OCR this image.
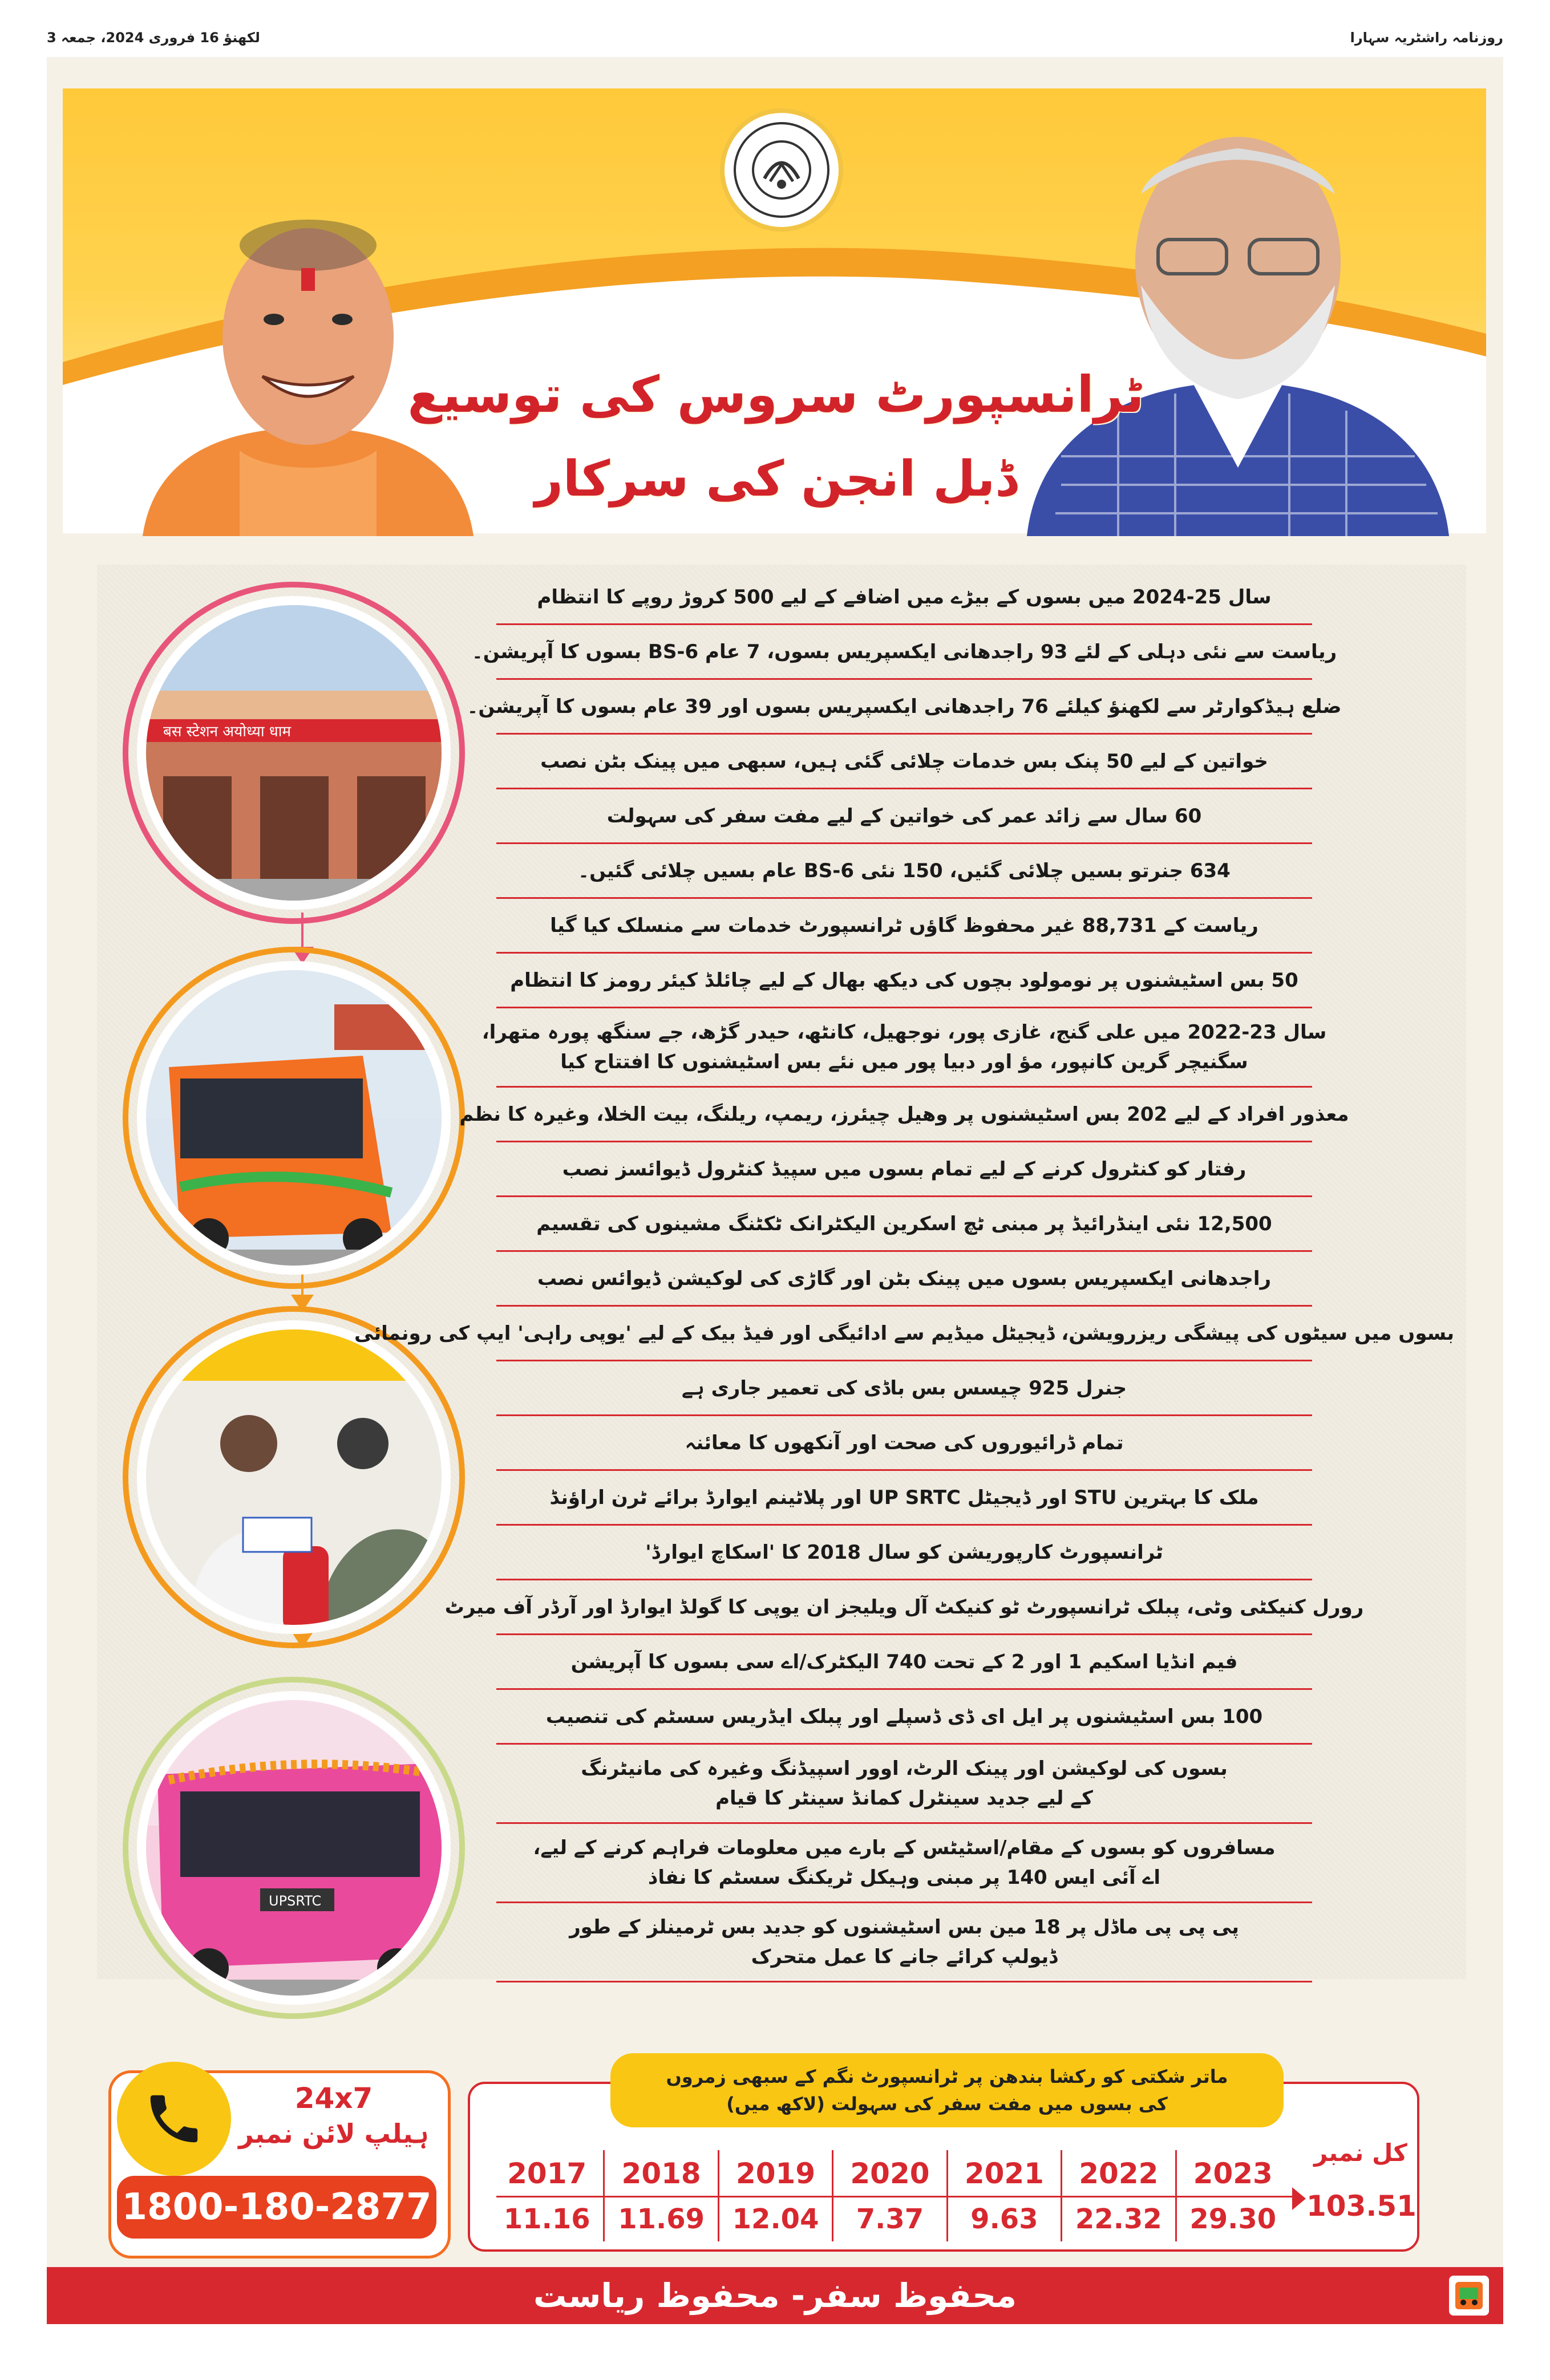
لکھنؤ 16 فروری 2024، جمعہ 3	روزنامہ راشٹریہ سہارا
ٹرانسپورٹ سروس کی توسیع
ڈبل انجن کی سرکار
बस स्टेशन अयोध्या धाम
UPSRTC
سال 25-2024 میں بسوں کے بیڑے میں اضافے کے لیے 500 کروڑ روپے کا انتظام
ریاست سے نئی دہلی کے لئے 93 راجدھانی ایکسپریس بسوں، 7 عام BS-6 بسوں کا آپریشن۔
ضلع ہیڈکوارٹر سے لکھنؤ کیلئے 76 راجدھانی ایکسپریس بسوں اور 39 عام بسوں کا آپریشن۔
خواتین کے لیے 50 پنک بس خدمات چلائی گئی ہیں، سبھی میں پینک بٹن نصب
60 سال سے زائد عمر کی خواتین کے لیے مفت سفر کی سہولت
634 جنرتو بسیں چلائی گئیں، 150 نئی BS-6 عام بسیں چلائی گئیں۔
ریاست کے 88,731 غیر محفوظ گاؤں ٹرانسپورٹ خدمات سے منسلک کیا گیا
50 بس اسٹیشنوں پر نومولود بچوں کی دیکھ بھال کے لیے چائلڈ کیئر رومز کا انتظام
سال 23-2022 میں علی گنج، غازی پور، نوجھیل، کانٹھ، حیدر گڑھ، جے سنگھ پورہ متھرا،
سگنیچر گرین کانپور، مؤ اور دبیا پور میں نئے بس اسٹیشنوں کا افتتاح کیا
معذور افراد کے لیے 202 بس اسٹیشنوں پر وھیل چیئرز، ریمپ، ریلنگ، بیت الخلا، وغیرہ کا نظم
رفتار کو کنٹرول کرنے کے لیے تمام بسوں میں سپیڈ کنٹرول ڈیوائسز نصب
12,500 نئی اینڈرائیڈ پر مبنی ٹچ اسکرین الیکٹرانک ٹکٹنگ مشینوں کی تقسیم
راجدھانی ایکسپریس بسوں میں پینک بٹن اور گاڑی کی لوکیشن ڈیوائس نصب
بسوں میں سیٹوں کی پیشگی ریزرویشن، ڈیجیٹل میڈیم سے ادائیگی اور فیڈ بیک کے لیے 'یوپی راہی' ایپ کی رونمائی
جنرل 925 چیسس بس باڈی کی تعمیر جاری ہے
تمام ڈرائیوروں کی صحت اور آنکھوں کا معائنہ
ملک کا بہترین STU اور ڈیجیٹل UP SRTC اور پلاٹینم ایوارڈ برائے ٹرن اراؤنڈ
ٹرانسپورٹ کارپوریشن کو سال 2018 کا 'اسکاچ ایوارڈ'
رورل کنیکٹی وٹی، پبلک ٹرانسپورٹ ٹو کنیکٹ آل ویلیجز ان یوپی کا گولڈ ایوارڈ اور آرڈر آف میرٹ
فیم انڈیا اسکیم 1 اور 2 کے تحت 740 الیکٹرک/اے سی بسوں کا آپریشن
100 بس اسٹیشنوں پر ایل ای ڈی ڈسپلے اور پبلک ایڈریس سسٹم کی تنصیب
بسوں کی لوکیشن اور پینک الرٹ، اوور اسپیڈنگ وغیرہ کی مانیٹرنگ
کے لیے جدید سینٹرل کمانڈ سینٹر کا قیام
مسافروں کو بسوں کے مقام/اسٹیٹس کے بارے میں معلومات فراہم کرنے کے لیے،
اے آئی ایس 140 پر مبنی وہیکل ٹریکنگ سسٹم کا نفاذ
پی پی پی ماڈل پر 18 مین بس اسٹیشنوں کو جدید بس ٹرمینلز کے طور
ڈیولپ کرائے جانے کا عمل متحرک
ماتر شکتی کو رکشا بندھن پر ٹرانسپورٹ نگم کے سبھی زمروں
کی بسوں میں مفت سفر کی سہولت (لاکھ میں)
2017
11.16
2018
11.69
2019
12.04
2020
7.37
2021
9.63
2022
22.32
2023
29.30
کل نمبر
103.51
24x7
ہیلپ لائن نمبر
1800-180-2877
محفوظ سفر- محفوظ ریاست
